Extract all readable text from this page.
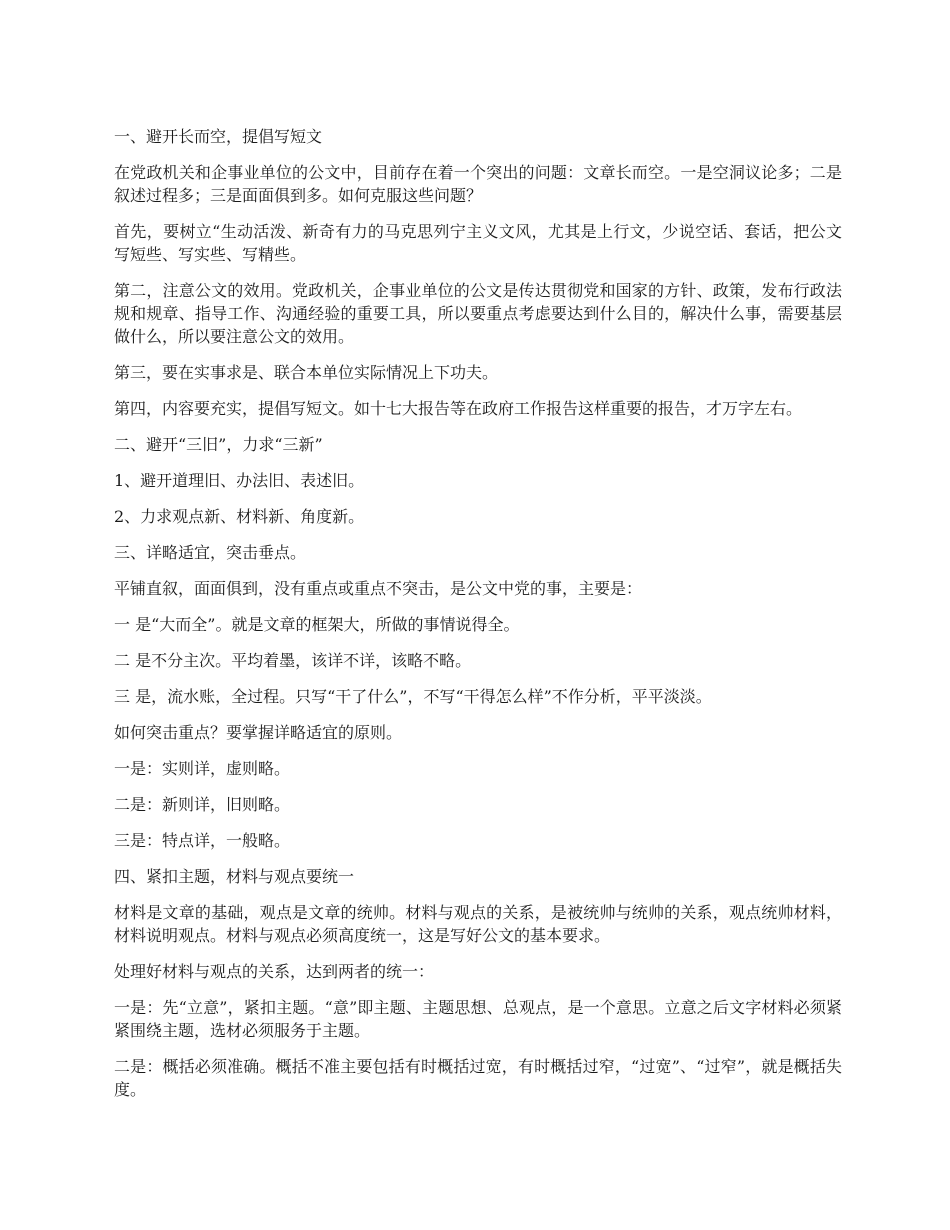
一、避开长而空，提倡写短文

在党政机关和企事业单位的公文中，目前存在着一个突出的问题：文章长而空。一是空洞议论多；二是叙述过程多；三是面面俱到多。如何克服这些问题？

首先，要树立“生动活泼、新奇有力的马克思列宁主义文风，尤其是上行文，少说空话、套话，把公文写短些、写实些、写精些。

第二，注意公文的效用。党政机关，企事业单位的公文是传达贯彻党和国家的方针、政策，发布行政法规和规章、指导工作、沟通经验的重要工具，所以要重点考虑要达到什么目的，解决什么事，需要基层做什么，所以要注意公文的效用。

第三，要在实事求是、联合本单位实际情况上下功夫。

第四，内容要充实，提倡写短文。如十七大报告等在政府工作报告这样重要的报告，才万字左右。

二、避开“三旧”，力求“三新”

1、避开道理旧、办法旧、表述旧。

2、力求观点新、材料新、角度新。

三、详略适宜，突击垂点。

平铺直叙，面面俱到，没有重点或重点不突击，是公文中党的事，主要是：

一 是“大而全”。就是文章的框架大，所做的事情说得全。

二 是不分主次。平均着墨，该详不详，该略不略。

三 是，流水账，全过程。只写“干了什么”，不写“干得怎么样”不作分析，平平淡淡。

如何突击重点？要掌握详略适宜的原则。

一是：实则详，虚则略。

二是：新则详，旧则略。

三是：特点详，一般略。

四、紧扣主题，材料与观点要统一

材料是文章的基础，观点是文章的统帅。材料与观点的关系，是被统帅与统帅的关系，观点统帅材料，材料说明观点。材料与观点必须高度统一，这是写好公文的基本要求。

处理好材料与观点的关系，达到两者的统一：

一是：先“立意”，紧扣主题。“意”即主题、主题思想、总观点，是一个意思。立意之后文字材料必须紧紧围绕主题，选材必须服务于主题。

二是：概括必须准确。概括不准主要包括有时概括过宽，有时概括过窄，“过宽”、“过窄”，就是概括失度。
